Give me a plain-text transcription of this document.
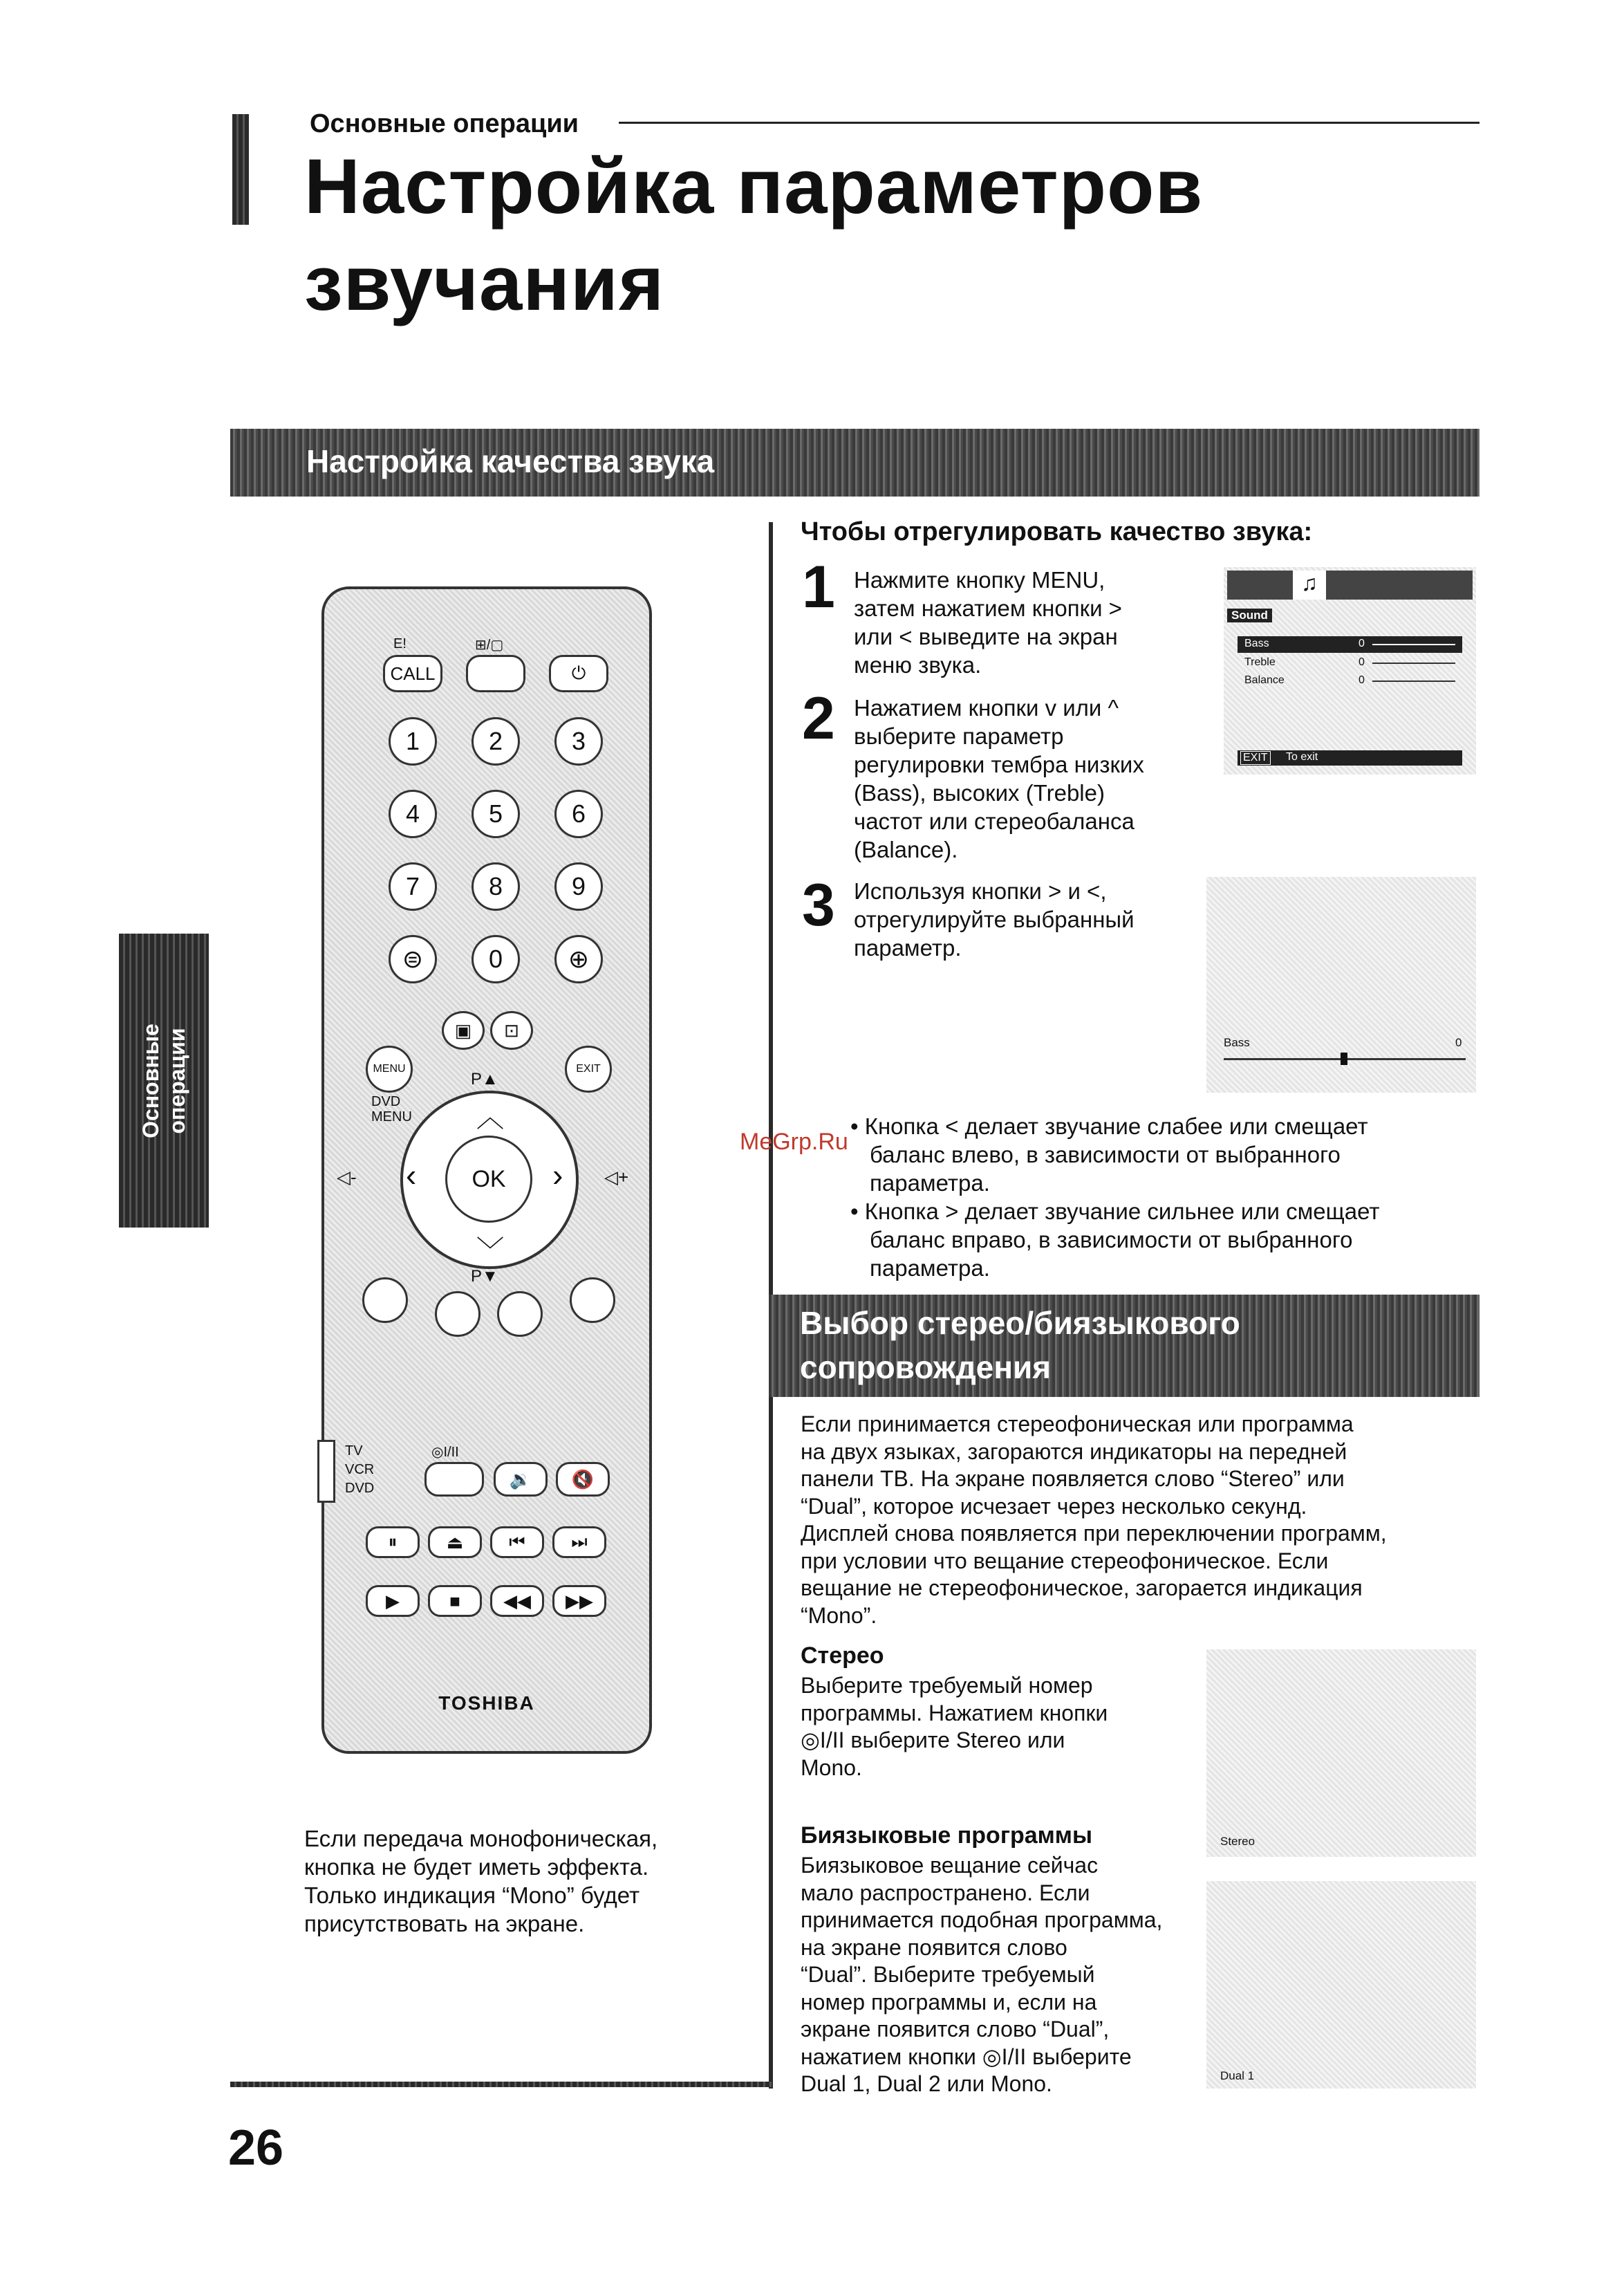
Основные операции
Настройка параметров
звучания
Настройка качества звука
Основные операции
E!
CALL
⊞/▢
⏻
1	2	3
4	5	6
7	8	9
⊜	0	⊕
▣	⊡
MENU	EXIT
DVD
MENU
P▲
︿
﹀
‹	›
OK
◁-	◁+
P▼
TV
VCR
DVD
◎I/II
🔉	🔇
⏸	⏏	⏮	⏭
▶	■	◀◀	▶▶
TOSHIBA
Если передача монофоническая,
кнопка не будет иметь эффекта.
Только индикация “Mono” будет
присутствовать на экране.
Чтобы отрегулировать качество звука:
1 Нажмите кнопку MENU,
затем нажатием кнопки >
или < выведите на экран
меню звука.
2 Нажатием кнопки v или ^
выберите параметр
регулировки тембра низких
(Bass), высоких (Treble)
частот или стереобаланса
(Balance).
3 Используя кнопки > и <,
отрегулируйте выбранный
параметр.
♫
Sound
Bass	0
Treble	0
Balance	0
EXIT To exit
Bass	0
• Кнопка < делает звучание слабее или смещает
баланс влево, в зависимости от выбранного
параметра.
• Кнопка > делает звучание сильнее или смещает
баланс вправо, в зависимости от выбранного
параметра.
MeGrp.Ru
Выбор стерео/биязыкового
сопровождения
Если принимается стереофоническая или программа
на двух языках, загораются индикаторы на передней
панели ТВ. На экране появляется слово “Stereo” или
“Dual”, которое исчезает через несколько секунд.
Дисплей снова появляется при переключении программ,
при условии что вещание стереофоническое. Если
вещание не стереофоническое, загорается индикация
“Mono”.
Стерео
Выберите требуемый номер
программы. Нажатием кнопки
◎I/II выберите Stereo или
Mono.
Stereo
Биязыковые программы
Биязыковое вещание сейчас
мало распространено. Если
принимается подобная программа,
на экране появится слово
“Dual”. Выберите требуемый
номер программы и, если на
экране появится слово “Dual”,
нажатием кнопки ◎I/II выберите
Dual 1, Dual 2 или Mono.	Dual 1
26
